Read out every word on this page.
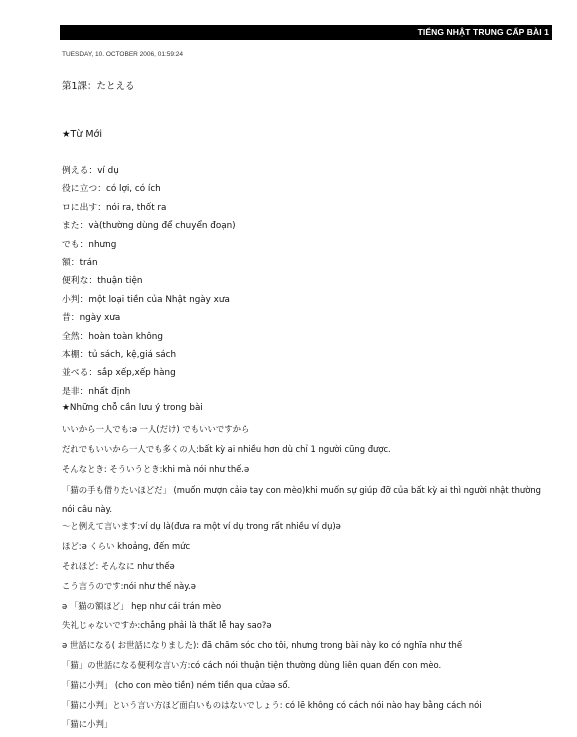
TIẾNG NHẬT TRUNG CẤP BÀI 1
TUESDAY, 10. OCTOBER 2006, 01:59:24
第1課：たとえる
★Từ Mới
例える：ví dụ
役に立つ：có lợi, có ích
ロに出す：nói ra, thốt ra
また：và(thường dùng để chuyển đoạn)
でも：nhưng
額：trán
便利な：thuận tiện
小判：một loại tiền của Nhật ngày xưa
昔：ngày xưa
全然：hoàn toàn không
本棚：tủ sách, kệ,giá sách
並べる：sắp xếp,xếp hàng
是非：nhất định
★Những chỗ cần lưu ý trong bài
いいから一人でも:ə 一人(だけ) でもいいですから
だれでもいいから一人でも多くの人:bất kỳ ai nhiều hơn dù chỉ 1 người cũng được.
そんなとき: そういうとき:khi mà nói như thế.ə
「猫の手も借りたいほどだ」 (muốn mượn cảiə tay con mèo)khi muốn sự giúp đỡ của bất kỳ ai thì người nhật thường nói câu này.
～と例えて言います:ví dụ là(đưa ra một ví dụ trong rất nhiều ví dụ)ə
ほど:ə くらい khoảng, đến mức
それほど: そんなに như thếə
こう言うのです:nói như thế này.ə
ə 「猫の額ほど」 hẹp như cái trán mèo
失礼じゃないですか:chẳng phải là thất lễ hay sao?ə
ə 世話になる( お世話になりました): đã chăm sóc cho tôi, nhưng trong bài này ko có nghĩa như thế
「猫」の世話になる便利な言い方:có cách nói thuận tiện thường dùng liên quan đến con mèo.
「猫に小判」 (cho con mèo tiền) ném tiền qua cửaə sổ.
「猫に小判」という言い方ほど面白いものはないでしょう: có lẽ không có cách nói nào hay bằng cách nói
「猫に小判」
